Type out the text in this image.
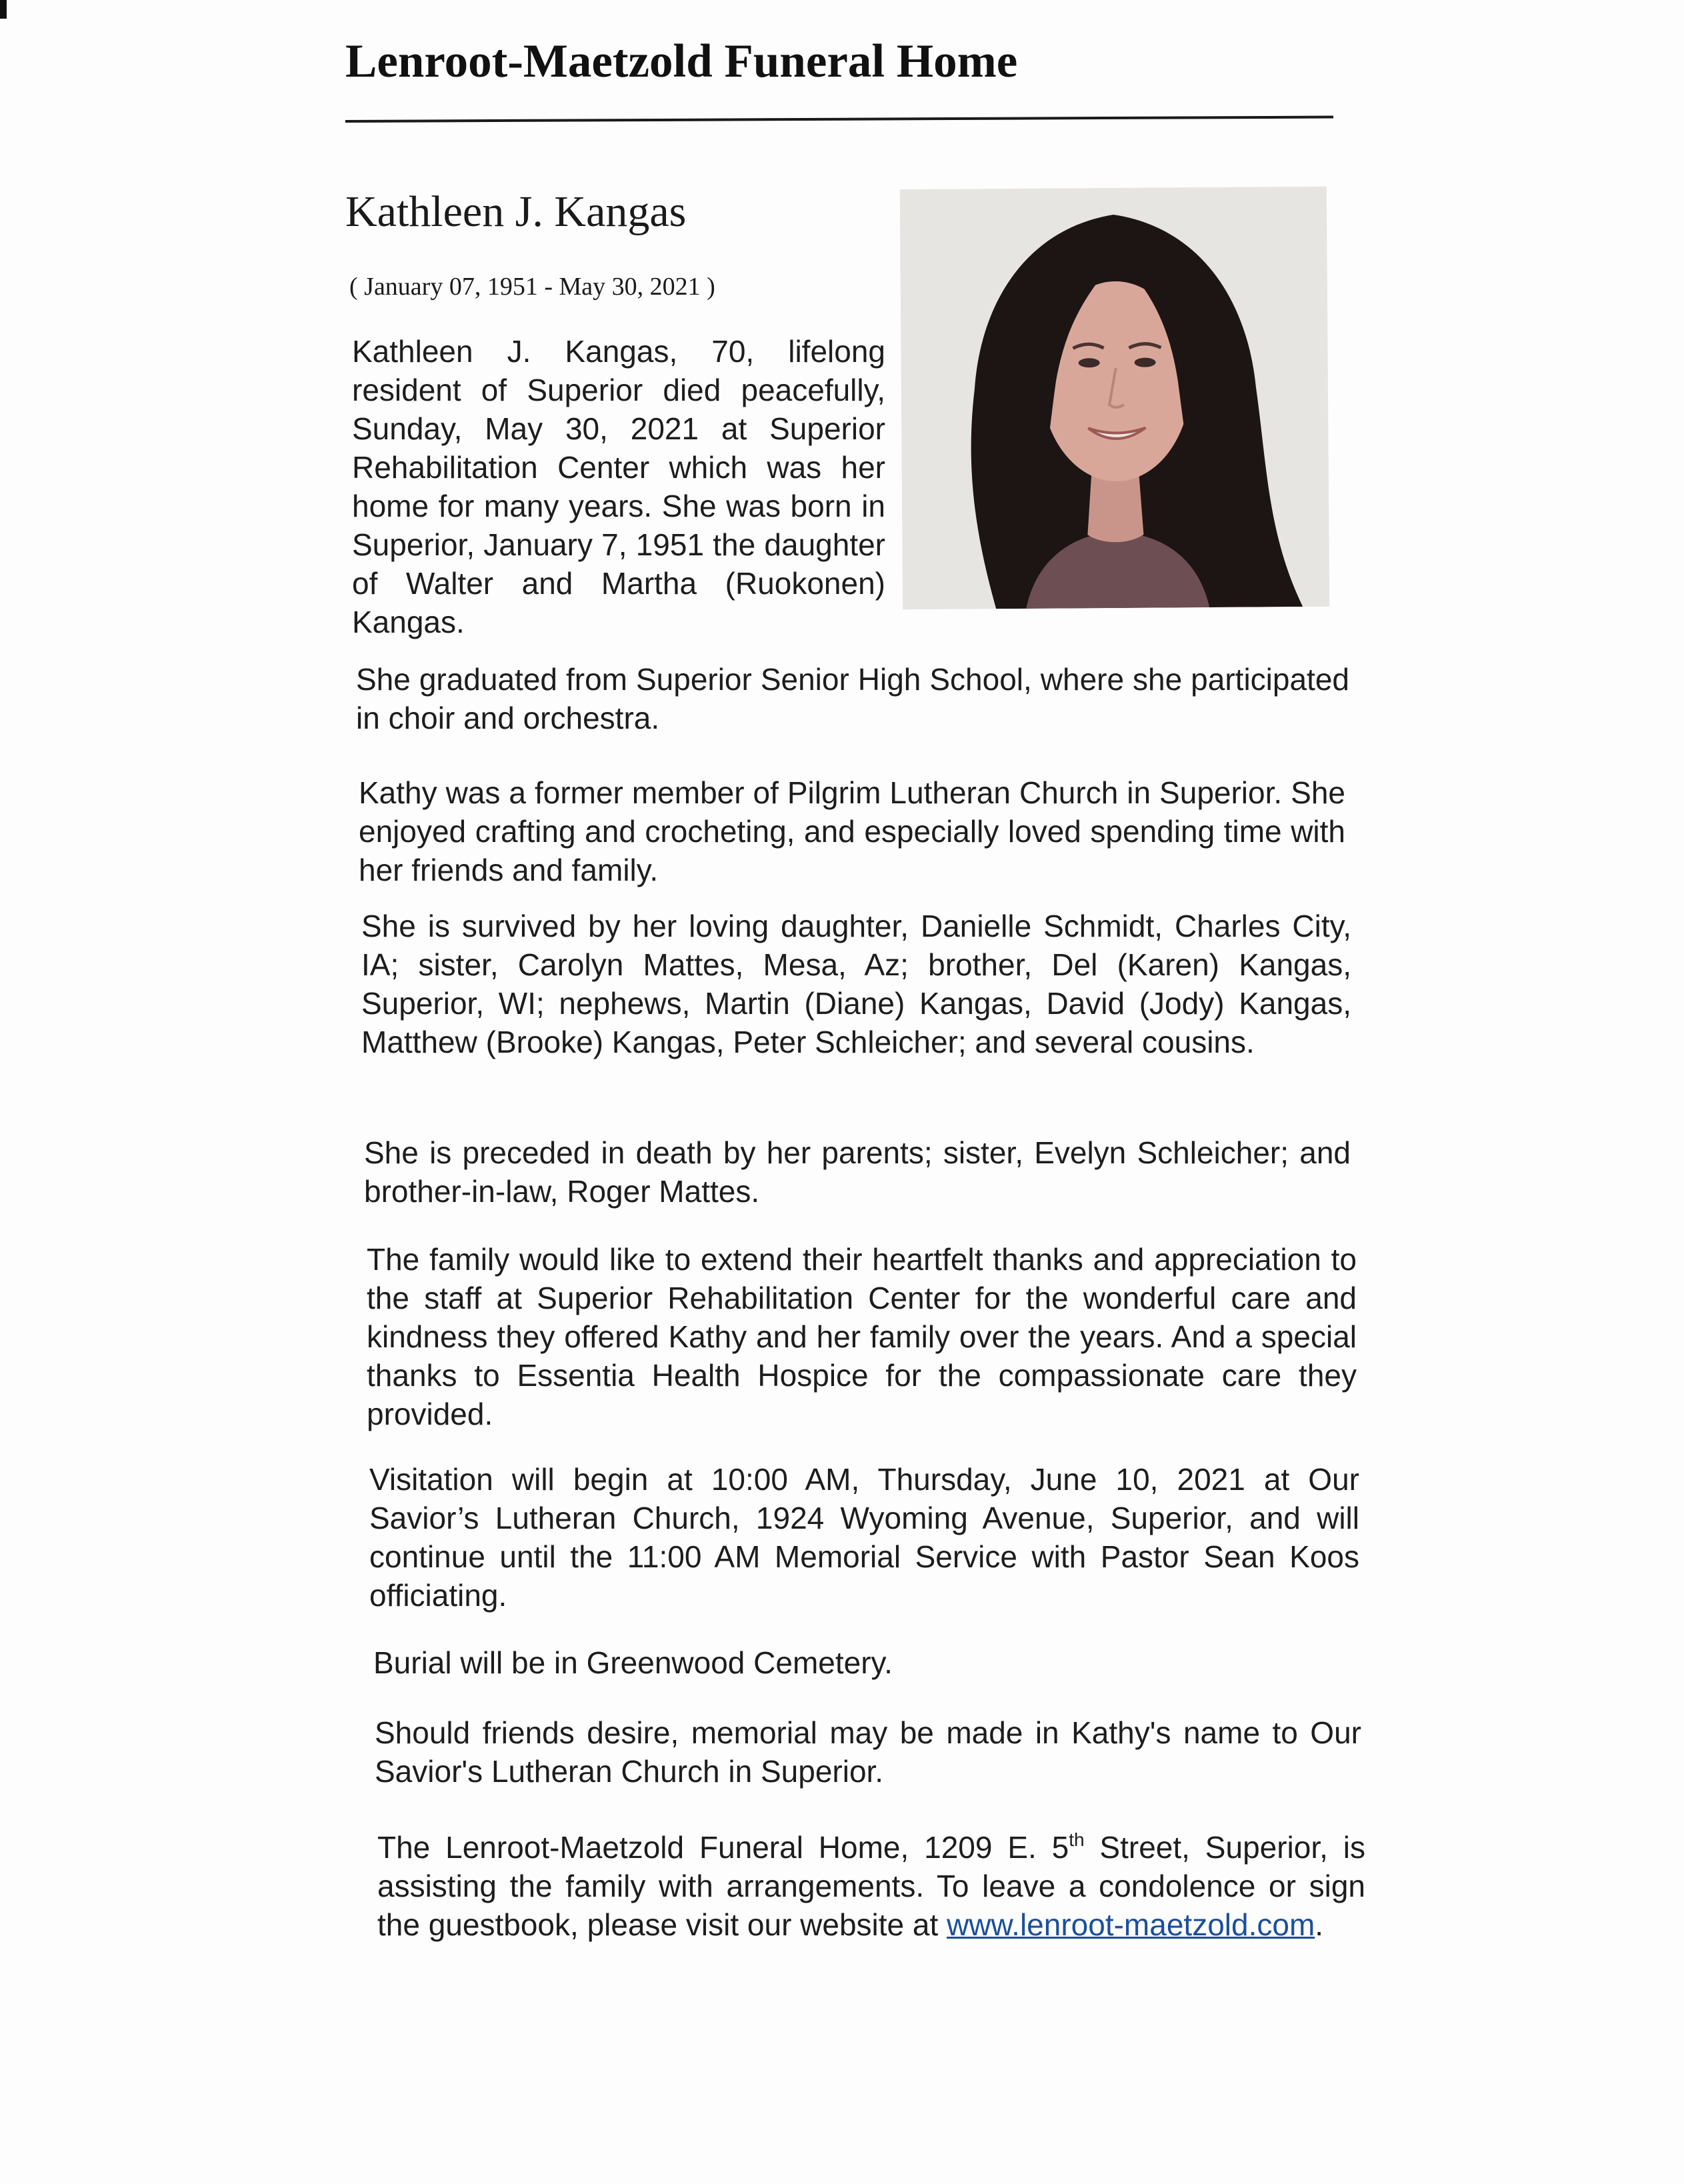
Lenroot-Maetzold Funeral Home
Kathleen J. Kangas
( January 07, 1951 - May 30, 2021 )

Kathleen J. Kangas, 70, lifelong resident of Superior died peacefully, Sunday, May 30, 2021 at Superior Rehabilitation Center which was her home for many years. She was born in Superior, January 7, 1951 the daughter of Walter and Martha (Ruokonen) Kangas.

She graduated from Superior Senior High School, where she participated in choir and orchestra.

Kathy was a former member of Pilgrim Lutheran Church in Superior. She enjoyed crafting and crocheting, and especially loved spending time with her friends and family.

She is survived by her loving daughter, Danielle Schmidt, Charles City, IA; sister, Carolyn Mattes, Mesa, Az; brother, Del (Karen) Kangas, Superior, WI; nephews, Martin (Diane) Kangas, David (Jody) Kangas, Matthew (Brooke) Kangas, Peter Schleicher; and several cousins.

She is preceded in death by her parents; sister, Evelyn Schleicher; and brother-in-law, Roger Mattes.

The family would like to extend their heartfelt thanks and appreciation to the staff at Superior Rehabilitation Center for the wonderful care and kindness they offered Kathy and her family over the years. And a special thanks to Essentia Health Hospice for the compassionate care they provided.

Visitation will begin at 10:00 AM, Thursday, June 10, 2021 at Our Savior’s Lutheran Church, 1924 Wyoming Avenue, Superior, and will continue until the 11:00 AM Memorial Service with Pastor Sean Koos officiating.

Burial will be in Greenwood Cemetery.

Should friends desire, memorial may be made in Kathy's name to Our Savior's Lutheran Church in Superior.

The Lenroot-Maetzold Funeral Home, 1209 E. 5th Street, Superior, is assisting the family with arrangements. To leave a condolence or sign the guestbook, please visit our website at www.lenroot-maetzold.com.
